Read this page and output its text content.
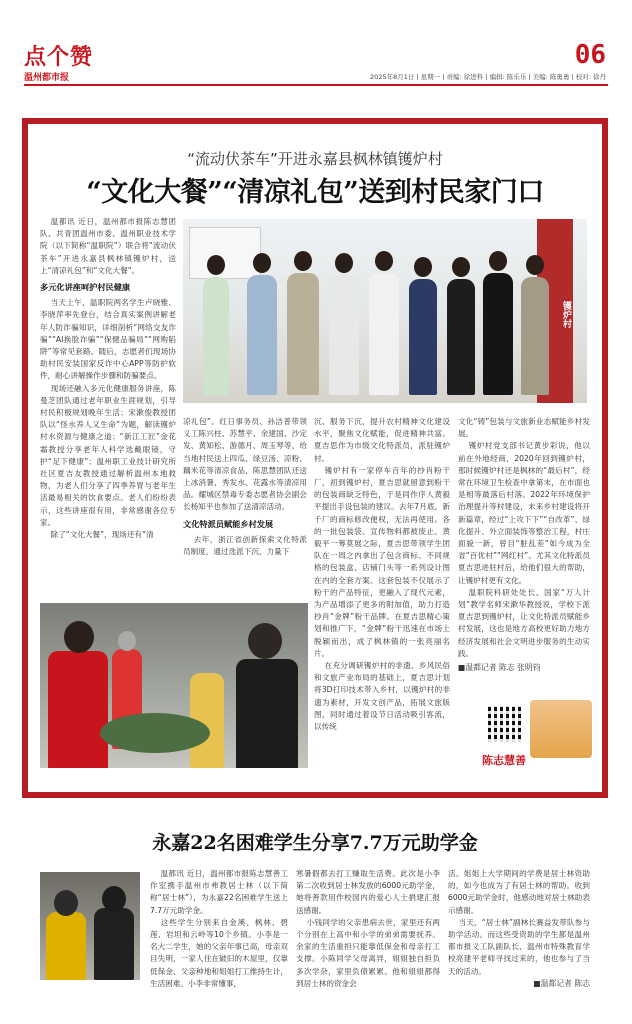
点个赞
温州都市报
06
2025年8月1日 | 星期一 | 责编: 徐进科 | 编辑: 陈乐乐 | 美编: 陈勇勇 | 校对: 徐丹
“流动伏茶车”开进永嘉县枫林镇镬炉村
“文化大餐”“清凉礼包”送到村民家门口
镬炉村

温都讯 近日，温州都市报陈志慧团队、共青团温州市委、温州职业技术学院（以下简称“温职院”）联合将“流动伏茶车”开进永嘉县枫林镇镬炉村，送上“清凉礼包”和“文化大餐”。

多元化讲座呵护村民健康

当天上午，温职院两名学生卢晓雅、李晓萍率先登台，结合真实案例讲解老年人防诈骗知识，详细剖析“网络交友诈骗”“AI换脸诈骗”“保健品骗局”“网购陷阱”等常见套路。随后，志愿者们现场协助村民安装国家反诈中心APP等防护软件，耐心讲解操作步骤和防骗要点。

现场还融入多元化健康服务讲座，陈曼芝团队通过老年职业生涯规划，引导村民积极规划晚年生活；宋漱俊教授团队以“怪水养人又生命”为题，解读镬炉村水资源与健康之道；“新江工匠”金花霜教授分享老年人科学选戴眼镜，守护“足下健康”；温州职工业技计研究所社区夏吉友教授通过解析温州本地救物，为老人们分享了四季养胃与老年生活最易相关的饮食要点。老人们纷纷表示，这些讲座很有用，非常感谢各位专家。

除了“文化大餐”，现场还有“清

凉礼包”。红日事务员、孙洁普带领义工陈兴柱、苏慧平、余建国、沙定发、黄知松、游德月、周玉琴等，给当地村民送上四瓜、绿豆汤、凉粉、藕米花等清凉食品，陈思慧团队还送上冰消暑、秀发水、花露水等清凉用品。耀城区禁毒专委志愿者协会副会长杨知平也参加了送清凉活动。

文化特派员赋能乡村发展

去年，浙江省创新探索文化特派员制度，通过选派下沉、力量下

沉、服务下沉，提升农村精神文化建设水平，聚焦文化赋能，促进精神共富。夏吉思作为市级文化特派员，派驻镬炉村。

镬炉村有一家停车百年的抄肖粉干厂，初到镬炉村，夏吉思就留意到粉干的包装商缺乏特色，于是同作序人黄毅平提出手设包装的建议。去年7月底，新千厂的商标修改便权，无法再使用。各的一批包装袋、宣传物料都被废止。黄毅平一筹莫展之际，夏吉思带领学生团队在一周之内拿出了包含商标、不同规格的包装盒、店铺门头等一系列设计图在内的全套方案。这套包装不仅展示了粉干的产品特征，更融入了现代元素，为产品增添了更多的附加值，助力打造抄肖“金牌”粉干品牌。在夏吉思精心策划和推广下，“金牌”粉干迅速在市场上脱颖而出，成了枫林镇的一张亮丽名片。

在充分调研镬炉村的非遗、乡风民俗和文旅产业布局的基础上，夏吉思计划将3D打印技术带入乡村，以镬炉村的非遗为素材，开发文创产品，拓展文旅版图，同时通过着设节日活动吸引客流，以传统

文化“铸”包装与文旅新业态赋能乡村发展。

镬炉村党支部书记黄步彩说，他以前在外地经商，2020年回到镬炉村，那时候镬炉村还是枫林的“最后村”，经常在环境卫生检查中拿第末，在市面也是相等最落后村落。2022年环境保护治理提升等村建设，未来乡村建设将开新篇章，经过“上攻下下”“自改革”、绿化提升、外立面装饰等整治工程，村庄面貌一新，曾目“脏乱差”如今成为全省“百优村”“网红村”。尤其文化特派员夏吉思进驻村后，给他们很大的帮助，让镬炉村更有文化。

温职院科研处处长、国家“万人计划”教学名师宋漱华教授说，学校下派夏吉思到镬炉村，让文化特派员赋能乡村发展，这也是地方高校更好助力地方经济发展和社会文明进步服务的生动实践。

■温都记者 陈志 张明钧

陈志慧善
永嘉22名困难学生分享7.7万元助学金

温都讯 近日，温州都市报陈志慧善工作室携手温州市弗教居士林（以下简称“居士林”），为永嘉22名困难学生送上7.7万元助学金。

这些学生分别来自金溪、枫林、碧莲、岩坦和云岭等10个乡镇。小李是一名大二学生，她的父亲年事已高，母亲双目失明，一家人住在破旧的木屋里，仅靠低保金、父亲种地和姐姐打工维持生计，生活困难。小李非常懂事，

寒暑假都去打工赚取生活费。此次是小李第二次收到居士林发放的6000元助学金，她将善款用作校园内的爱心人士捐建汇报送感谢。

小钱同学的父亲患病去世，家里还有两个分别在上高中和小学的弟弟需要抚养。余家的生活重担只能靠低保金和母亲打工支撑。小陈同学父母离异，姐姐独自担负多次学杂，家里负债累累。他和姐姐都得到居士林的资金会

活。姐姐上大学期间的学费是居士林资助的，如今也成为了有居士林的帮助。收到6000元助学金时，他感动地对居士林助表示感谢。

当天，“居士林”副林长赛益发带队参与助学活动。而这些受资助的学生都是温州都市报义工队副队长、温州市特殊教育学校亮建平老师寻找过来的，他也参与了当天的活动。

■温都记者 陈志
